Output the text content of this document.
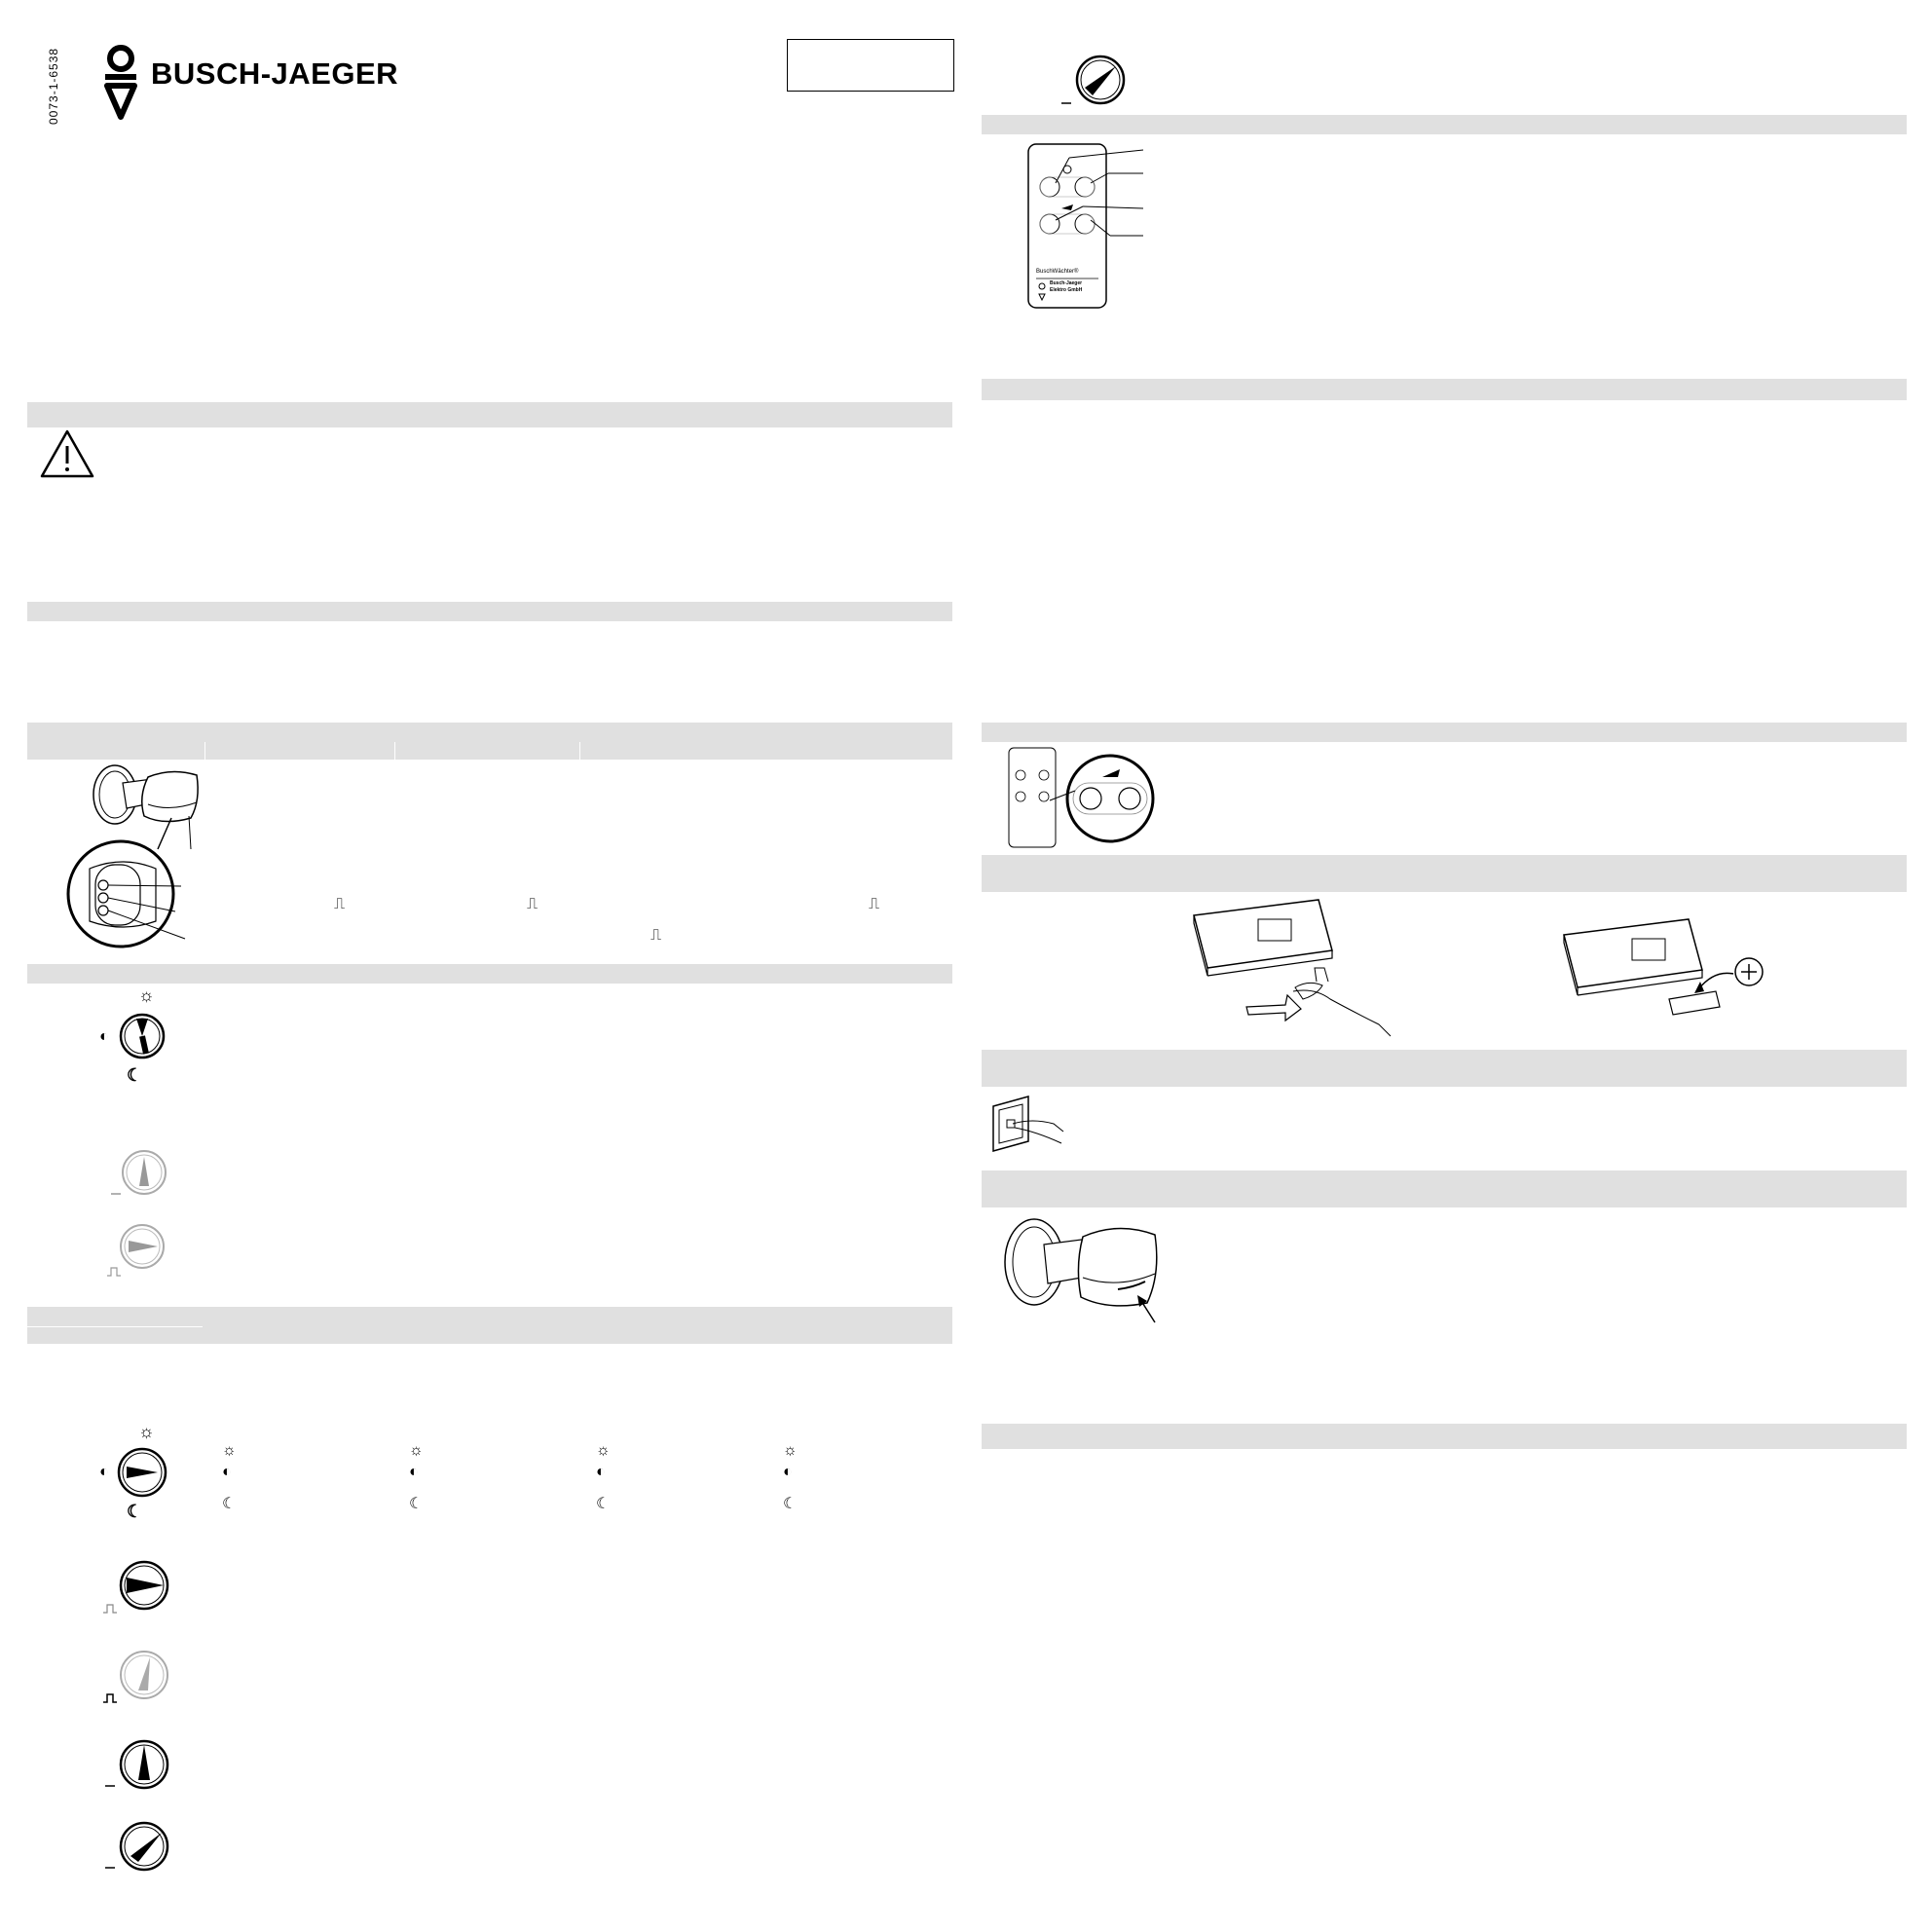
0073-1-6538	BUSCH-JAEGER
⎍	⎍	⎍
⎍
☼
◐
☾
☼
◐
☾
☼
◐
☾
☼
◐
☾
☼
◐
☾
☼
◐
☾
BuschWächter®
Busch-Jaeger
Elektro GmbH
